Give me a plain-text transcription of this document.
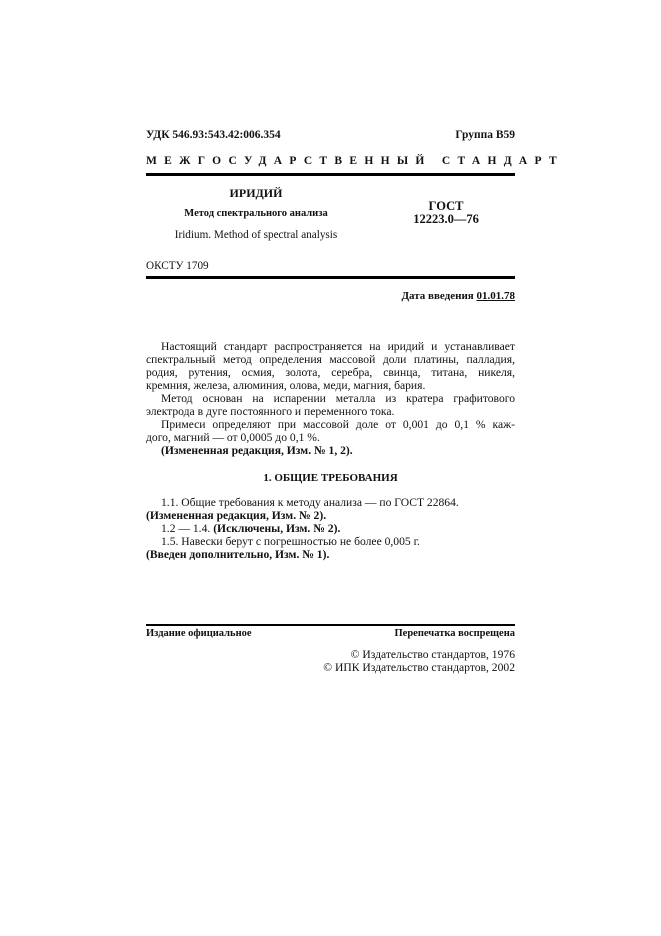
УДК 546.93:543.42:006.354	Группа В59
МЕЖГОСУДАРСТВЕННЫЙ СТАНДАРТ
ИРИДИЙ
Метод спектрального анализа
Iridium. Method of spectral analysis
ГОСТ
12223.0—76
ОКСТУ 1709
Дата введения 01.01.78

Настоящий стандарт распространяется на иридий и устанавливает

спектральный метод определения массовой доли платины, палладия,

родия, рутения, осмия, золота, серебра, свинца, титана, никеля,

кремния, железа, алюминия, олова, меди, магния, бария.

Метод основан на испарении металла из кратера графитового

электрода в дуге постоянного и переменного тока.

Примеси определяют при массовой доле от 0,001 до 0,1 % каж-

дого, магний — от 0,0005 до 0,1 %.

(Измененная редакция, Изм. № 1, 2).

1. ОБЩИЕ ТРЕБОВАНИЯ

1.1. Общие требования к методу анализа — по ГОСТ 22864.

(Измененная редакция, Изм. № 2).

1.2 — 1.4. (Исключены, Изм. № 2).

1.5. Навески берут с погрешностью не более 0,005 г.

(Введен дополнительно, Изм. № 1).

Издание официальное	Перепечатка воспрещена
© Издательство стандартов, 1976
© ИПК Издательство стандартов, 2002
